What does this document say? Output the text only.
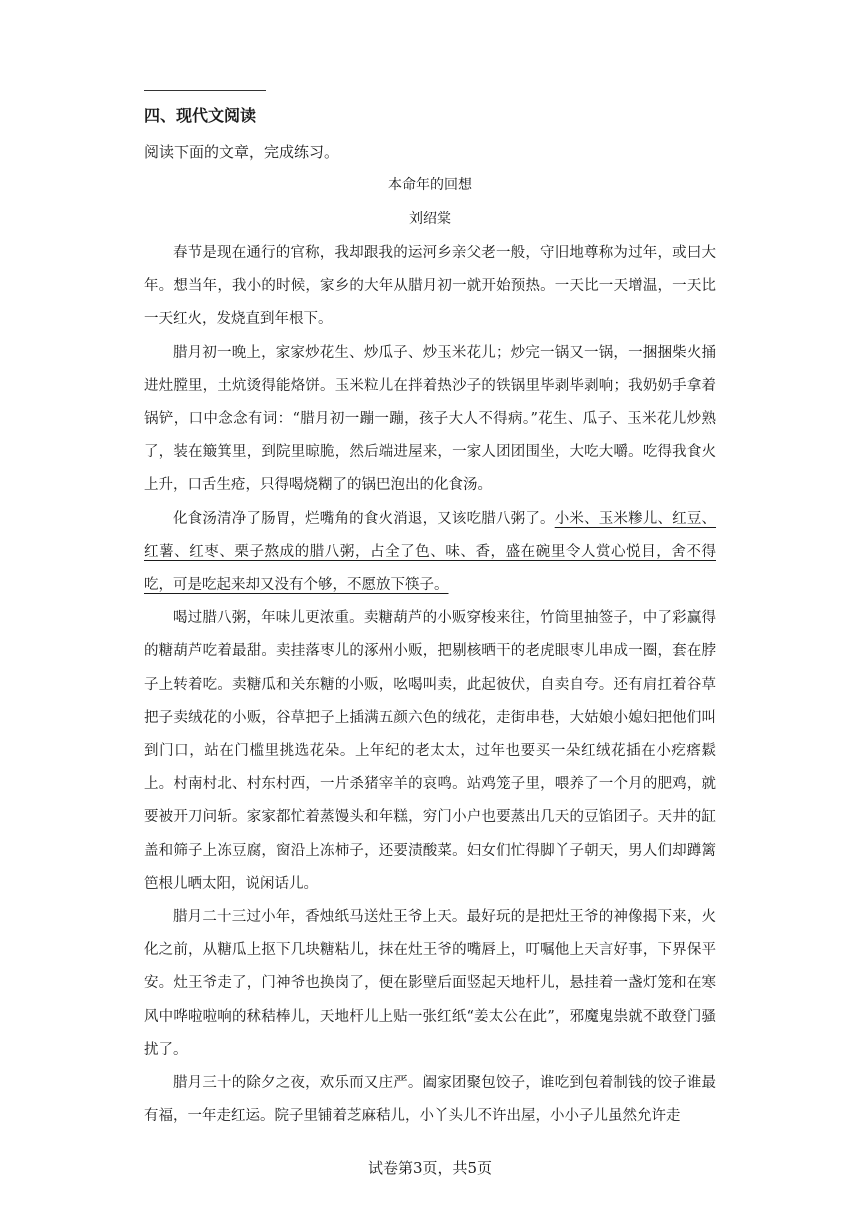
四、现代文阅读
阅读下面的文章，完成练习。
本命年的回想
刘绍棠

春节是现在通行的官称，我却跟我的运河乡亲父老一般，守旧地尊称为过年，或曰大年。想当年，我小的时候，家乡的大年从腊月初一就开始预热。一天比一天增温，一天比一天红火，发烧直到年根下。

腊月初一晚上，家家炒花生、炒瓜子、炒玉米花儿；炒完一锅又一锅，一捆捆柴火捅进灶膛里，土炕烫得能烙饼。玉米粒儿在拌着热沙子的铁锅里毕剥毕剥响；我奶奶手拿着锅铲，口中念念有词：“腊月初一蹦一蹦，孩子大人不得病。”花生、瓜子、玉米花儿炒熟了，装在簸箕里，到院里晾脆，然后端进屋来，一家人团团围坐，大吃大嚼。吃得我食火上升，口舌生疮，只得喝烧糊了的锅巴泡出的化食汤。

化食汤清净了肠胃，烂嘴角的食火消退，又该吃腊八粥了。小米、玉米糁儿、红豆、红薯、红枣、栗子熬成的腊八粥，占全了色、味、香，盛在碗里令人赏心悦目，舍不得吃，可是吃起来却又没有个够，不愿放下筷子。

喝过腊八粥，年味儿更浓重。卖糖葫芦的小贩穿梭来往，竹筒里抽签子，中了彩赢得的糖葫芦吃着最甜。卖挂落枣儿的涿州小贩，把剔核晒干的老虎眼枣儿串成一圈，套在脖子上转着吃。卖糖瓜和关东糖的小贩，吆喝叫卖，此起彼伏，自卖自夸。还有肩扛着谷草把子卖绒花的小贩，谷草把子上插满五颜六色的绒花，走街串巷，大姑娘小媳妇把他们叫到门口，站在门槛里挑选花朵。上年纪的老太太，过年也要买一朵红绒花插在小疙瘩鬏上。村南村北、村东村西，一片杀猪宰羊的哀鸣。站鸡笼子里，喂养了一个月的肥鸡，就要被开刀问斩。家家都忙着蒸馒头和年糕，穷门小户也要蒸出几天的豆馅团子。天井的缸盖和筛子上冻豆腐，窗沿上冻柿子，还要渍酸菜。妇女们忙得脚丫子朝天，男人们却蹲篱笆根儿晒太阳，说闲话儿。

腊月二十三过小年，香烛纸马送灶王爷上天。最好玩的是把灶王爷的神像揭下来，火化之前，从糖瓜上抠下几块糖粘儿，抹在灶王爷的嘴唇上，叮嘱他上天言好事，下界保平安。灶王爷走了，门神爷也换岗了，便在影壁后面竖起天地杆儿，悬挂着一盏灯笼和在寒风中哗啦啦响的秫秸棒儿，天地杆儿上贴一张红纸“姜太公在此”，邪魔鬼祟就不敢登门骚扰了。

腊月三十的除夕之夜，欢乐而又庄严。阖家团聚包饺子，谁吃到包着制钱的饺子谁最有福，一年走红运。院子里铺着芝麻秸儿，小丫头儿不许出屋，小小子儿虽然允许走

试卷第3页，共5页
